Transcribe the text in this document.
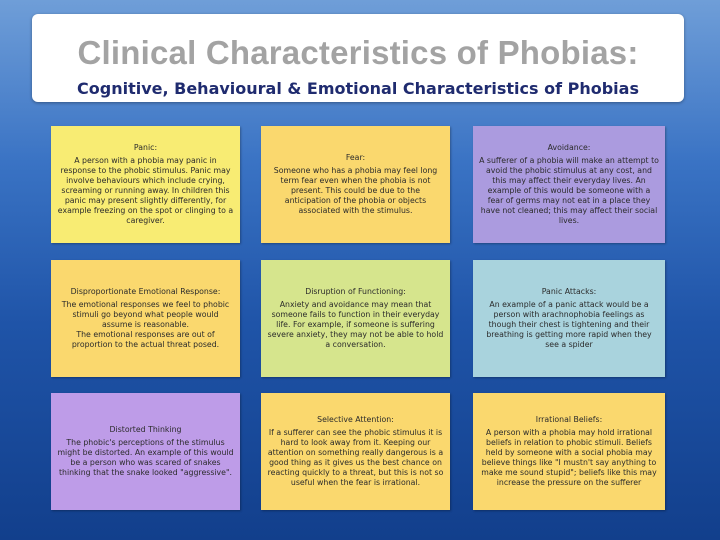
Clinical Characteristics of Phobias:
Cognitive, Behavioural & Emotional Characteristics of Phobias
Panic:
A person with a phobia may panic in response to the phobic stimulus. Panic may involve behaviours which include crying, screaming or running away. In children this panic may present slightly differently, for example freezing on the spot or clinging to a caregiver.
Fear:
Someone who has a phobia may feel long term fear even when the phobia is not present. This could be due to the anticipation of the phobia or objects associated with the stimulus.
Avoidance:
A sufferer of a phobia will make an attempt to avoid the phobic stimulus at any cost, and this may affect their everyday lives. An example of this would be someone with a fear of germs may not eat in a place they have not cleaned; this may affect their social lives.
Disproportionate Emotional Response:
The emotional responses we feel to phobic stimuli go beyond what people would assume is reasonable.
The emotional responses are out of proportion to the actual threat posed.
Disruption of Functioning:
Anxiety and avoidance may mean that someone fails to function in their everyday life. For example, if someone is suffering severe anxiety, they may not be able to hold a conversation.
Panic Attacks:
An example of a panic attack would be a person with arachnophobia feelings as though their chest is tightening and their breathing is getting more rapid when they see a spider
Distorted Thinking
The phobic's perceptions of the stimulus might be distorted. An example of this would be a person who was scared of snakes thinking that the snake looked "aggressive".
Selective Attention:
If a sufferer can see the phobic stimulus it is hard to look away from it. Keeping our attention on something really dangerous is a good thing as it gives us the best chance on reacting quickly to a threat, but this is not so useful when the fear is irrational.
Irrational Beliefs:
A person with a phobia may hold irrational beliefs in relation to phobic stimuli. Beliefs held by someone with a social phobia may believe things like "I mustn't say anything to make me sound stupid"; beliefs like this may increase the pressure on the sufferer
